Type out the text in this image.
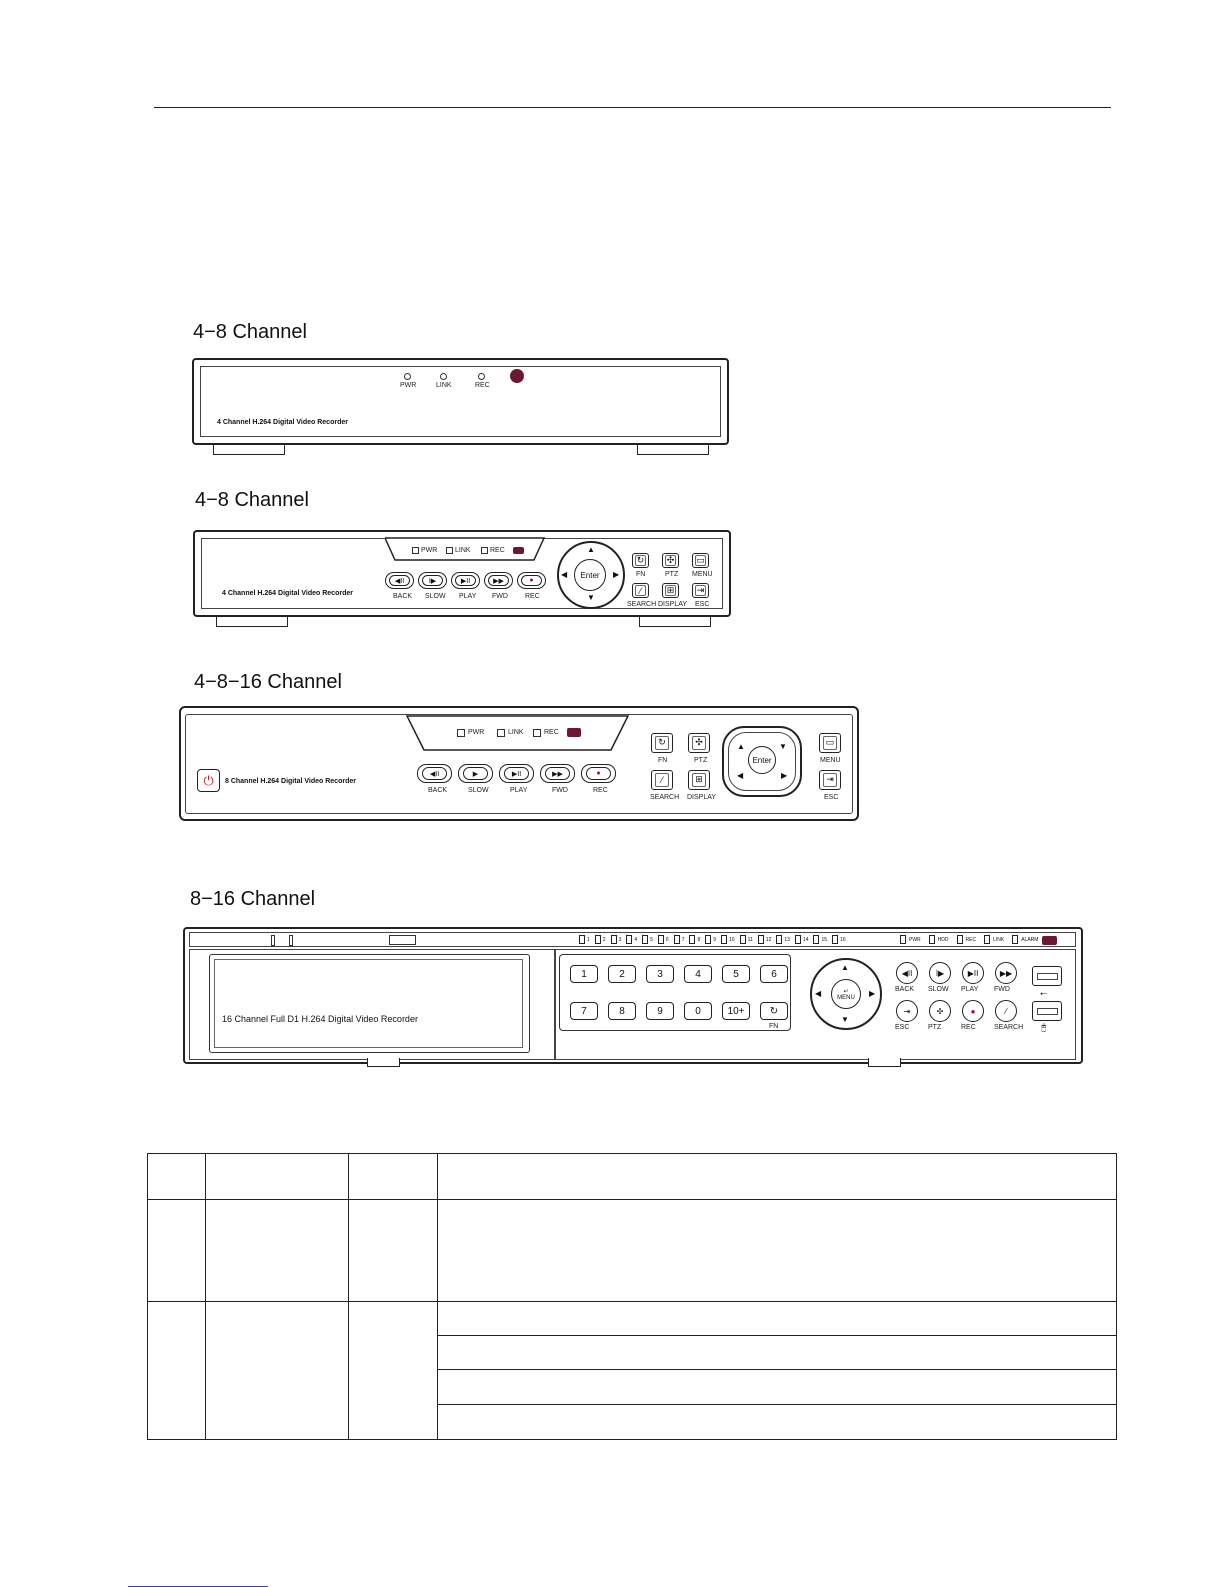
4−8 Channel
PWR	LINK	REC
4 Channel H.264 Digital Video Recorder
4−8 Channel
PWR	LINK	REC
4 Channel H.264 Digital Video Recorder
◀II
BACK
I▶
SLOW
▶II
PLAY
▶▶
FWD
●
REC
▲
▼
◀	▶
Enter
↻
FN
✣
PTZ
▭
MENU
⁄
SEARCH
⊞
DISPLAY
⇥
ESC
4−8−16 Channel
PWR	LINK	REC
⏻ 8 Channel H.264 Digital Video Recorder
◀II
BACK
▶
SLOW
▶II
PLAY
▶▶
FWD
●
REC
↻
FN
✣
PTZ
⁄
SEARCH
⊞
DISPLAY
▲	▼
◀	▶
Enter
▭
MENU
⇥
ESC
8−16 Channel
1	2	3	4	5	6	7	8	9	10	11	12	13	14	15	16	PWR	HDD	REC	LINK	ALARM
16 Channel Full D1 H.264 Digital Video Recorder
1	2	3	4	5	6
7	8	9	0	10+	↻
FN
▲
▼
◀	▶
↵
MENU
◀II
BACK
I▶
SLOW
▶II
PLAY
▶▶
FWD
⇥
ESC
✣
PTZ
●
REC
⁄
SEARCH
⭠
🖰
